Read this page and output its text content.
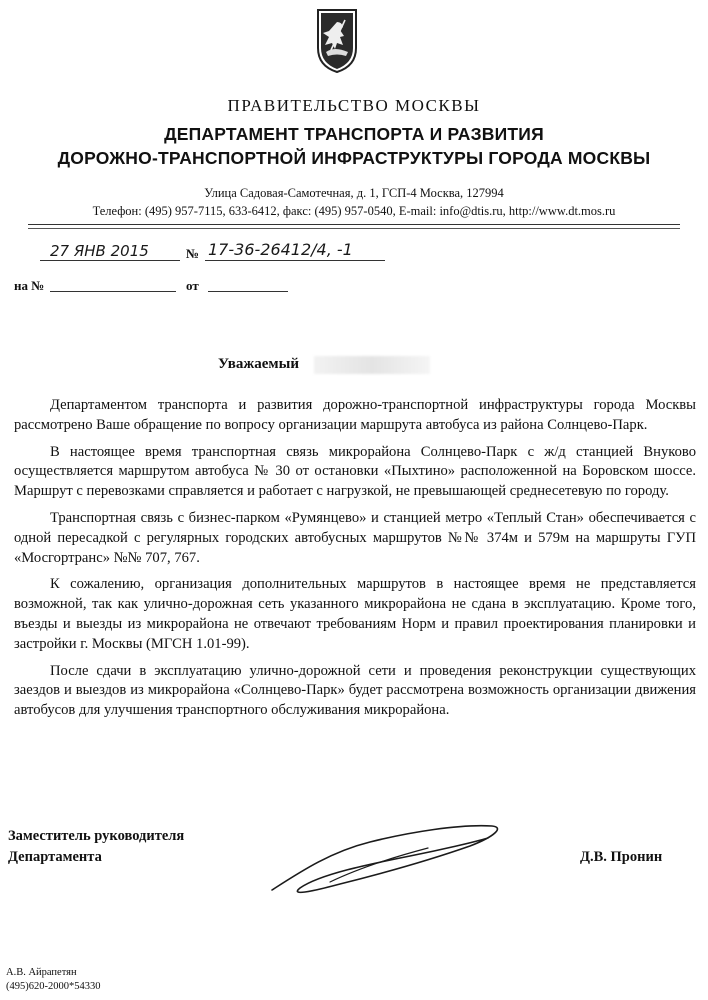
ПРАВИТЕЛЬСТВО МОСКВЫ
ДЕПАРТАМЕНТ ТРАНСПОРТА И РАЗВИТИЯ
ДОРОЖНО-ТРАНСПОРТНОЙ ИНФРАСТРУКТУРЫ ГОРОДА МОСКВЫ
Улица Садовая-Самотечная, д. 1, ГСП-4 Москва, 127994
Телефон: (495) 957-7115, 633-6412, факс: (495) 957-0540, E-mail: info@dtis.ru, http://www.dt.mos.ru
27 ЯНВ 2015	№ 17-36-26412/4, -1
на №	от
Уважаемый

Департаментом транспорта и развития дорожно-транспортной инфраструктуры города Москвы рассмотрено Ваше обращение по вопросу организации маршрута автобуса из района Солнцево-Парк.

В настоящее время транспортная связь микрорайона Солнцево-Парк с ж/д станцией Внуково осуществляется маршрутом автобуса № 30 от остановки «Пыхтино» расположенной на Боровском шоссе. Маршрут с перевозками справляется и работает с нагрузкой, не превышающей среднесетевую по городу.

Транспортная связь с бизнес-парком «Румянцево» и станцией метро «Теплый Стан» обеспечивается с одной пересадкой с регулярных городских автобусных маршрутов №№ 374м и 579м на маршруты ГУП «Мосгортранс» №№ 707, 767.

К сожалению, организация дополнительных маршрутов в настоящее время не представляется возможной, так как улично-дорожная сеть указанного микрорайона не сдана в эксплуатацию. Кроме того, въезды и выезды из микрорайона не отвечают требованиям Норм и правил проектирования планировки и застройки г. Москвы (МГСН 1.01-99).

После сдачи в эксплуатацию улично-дорожной сети и проведения реконструкции существующих заездов и выездов из микрорайона «Солнцево-Парк» будет рассмотрена возможность организации движения автобусов для улучшения транспортного обслуживания микрорайона.

Заместитель руководителя
Департамента	Д.В. Пронин
А.В. Айрапетян
(495)620-2000*54330
